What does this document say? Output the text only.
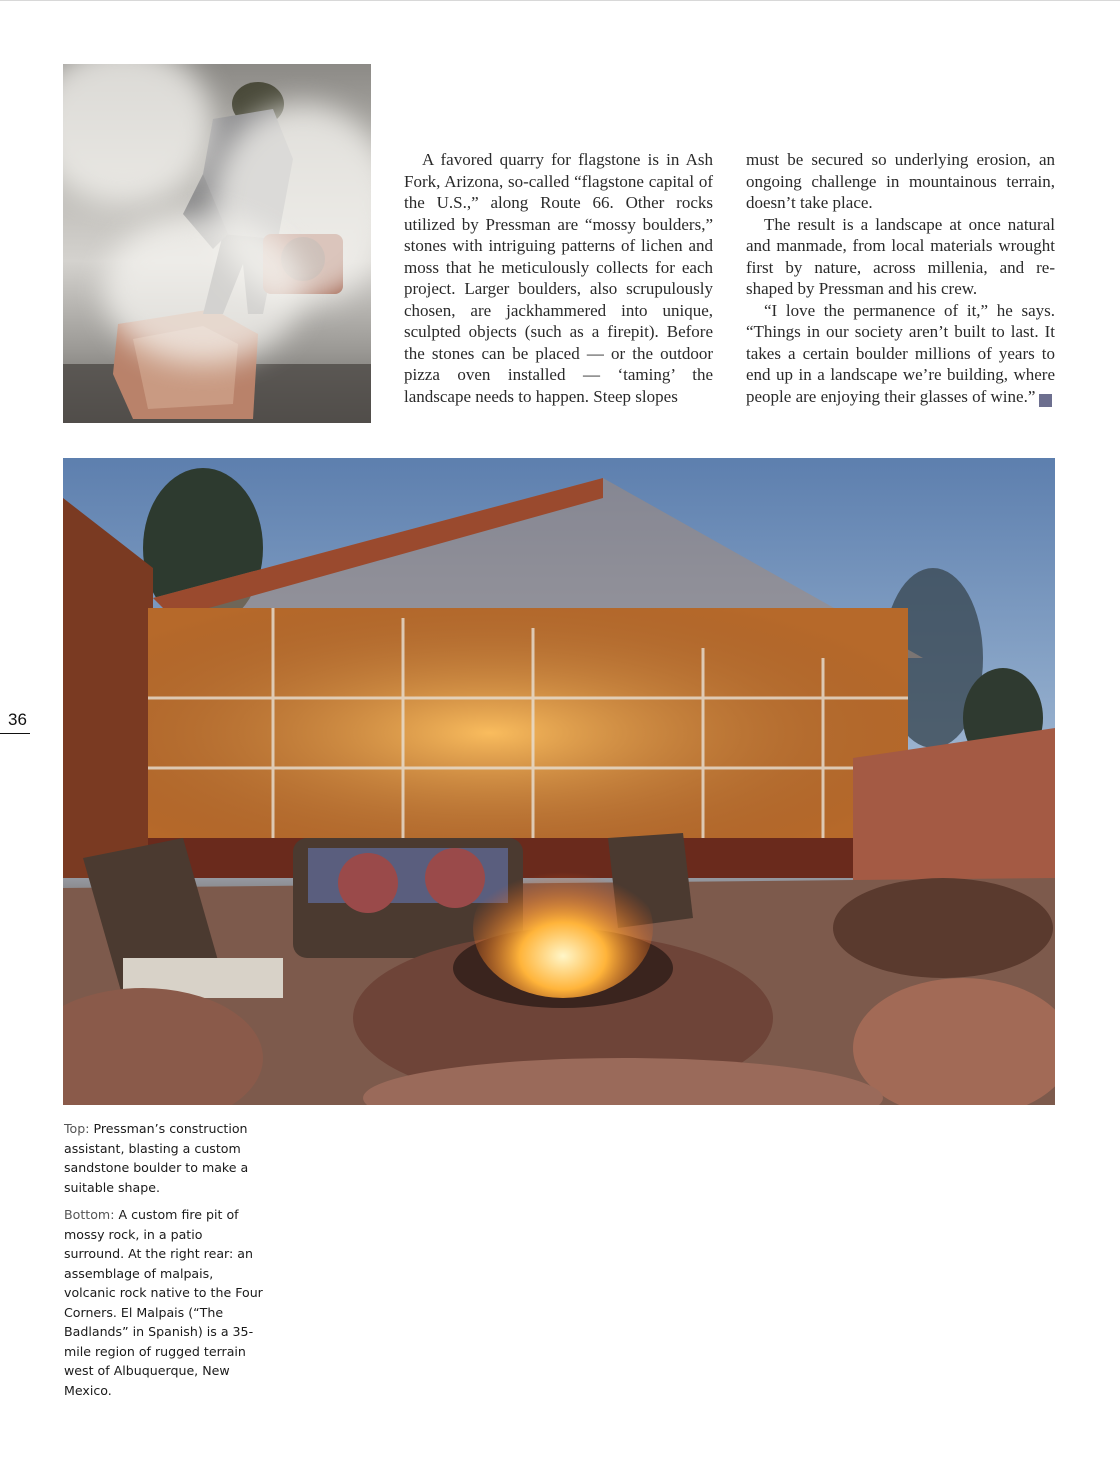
A favored quarry for flagstone is in Ash Fork, Arizona, so-called “flagstone capital of the U.S.,” along Route 66. Other rocks utilized by Pressman are “mossy boulders,” stones with intriguing patterns of lichen and moss that he meticulously collects for each project. Larger boulders, also scrupulously chosen, are jackhammered into unique, sculpted objects (such as a firepit). Before the stones can be placed — or the outdoor pizza oven installed — ‘taming’ the landscape needs to happen. Steep slopes

must be secured so underlying erosion, an ongoing challenge in mountainous terrain, doesn’t take place.

The result is a landscape at once natural and manmade, from local materials wrought first by nature, across millenia, and re-shaped by Pressman and his crew.

“I love the permanence of it,” he says. “Things in our society aren’t built to last. It takes a certain boulder millions of years to end up in a landscape we’re building, where people are enjoying their glasses of wine.” S

36
Top: Pressman’s construction assistant, blasting a custom sandstone boulder to make a suitable shape.
Bottom: A custom fire pit of mossy rock, in a patio surround. At the right rear: an assemblage of malpais, volcanic rock native to the Four Corners. El Malpais (“The Badlands” in Spanish) is a 35-mile region of rugged terrain west of Albuquerque, New Mexico.
